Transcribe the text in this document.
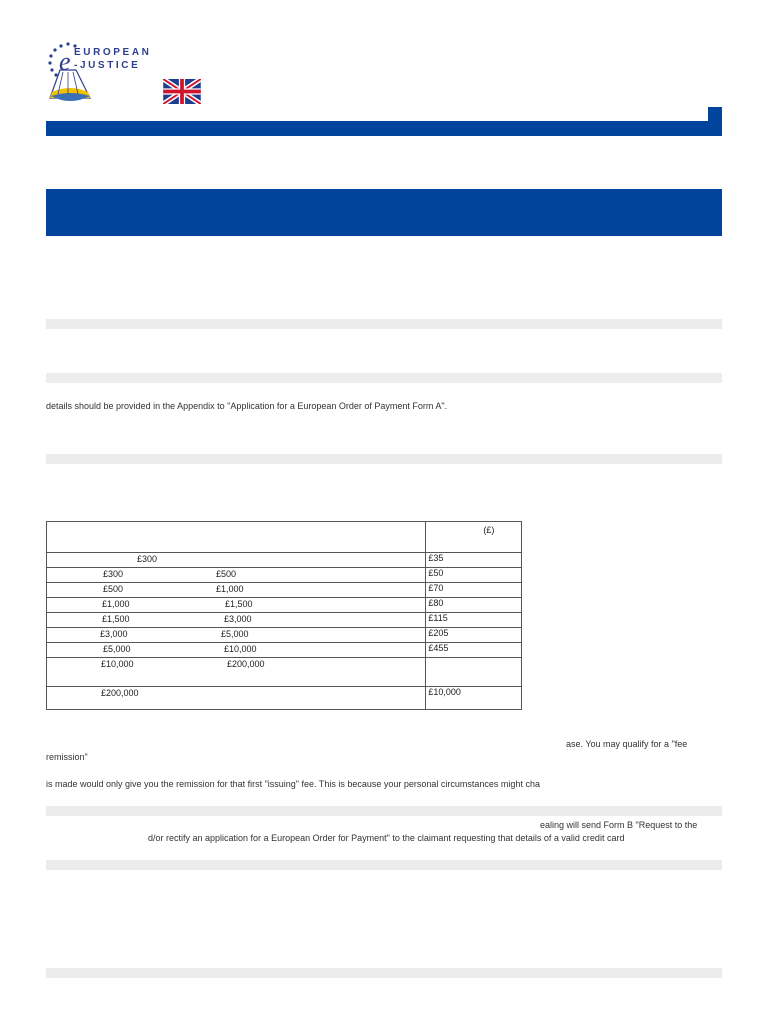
e EUROPEAN
-JUSTICE
details should be provided in the Appendix to "Application for a European Order of Payment Form A".

	(£)

£300	£35

£300 £500	£50

£500 £1,000	£70

£1,000 £1,500	£80

£1,500 £3,000	£115

£3,000 £5,000	£205

£5,000 £10,000	£455

£10,000 £200,000	

£200,000	£10,000
ase. You may qualify for a "fee
remission"
is made would only give you the remission for that first "issuing" fee. This is because your personal circumstances might cha
ealing will send Form B "Request to the
d/or rectify an application for a European Order for Payment" to the claimant requesting that details of a valid credit card
